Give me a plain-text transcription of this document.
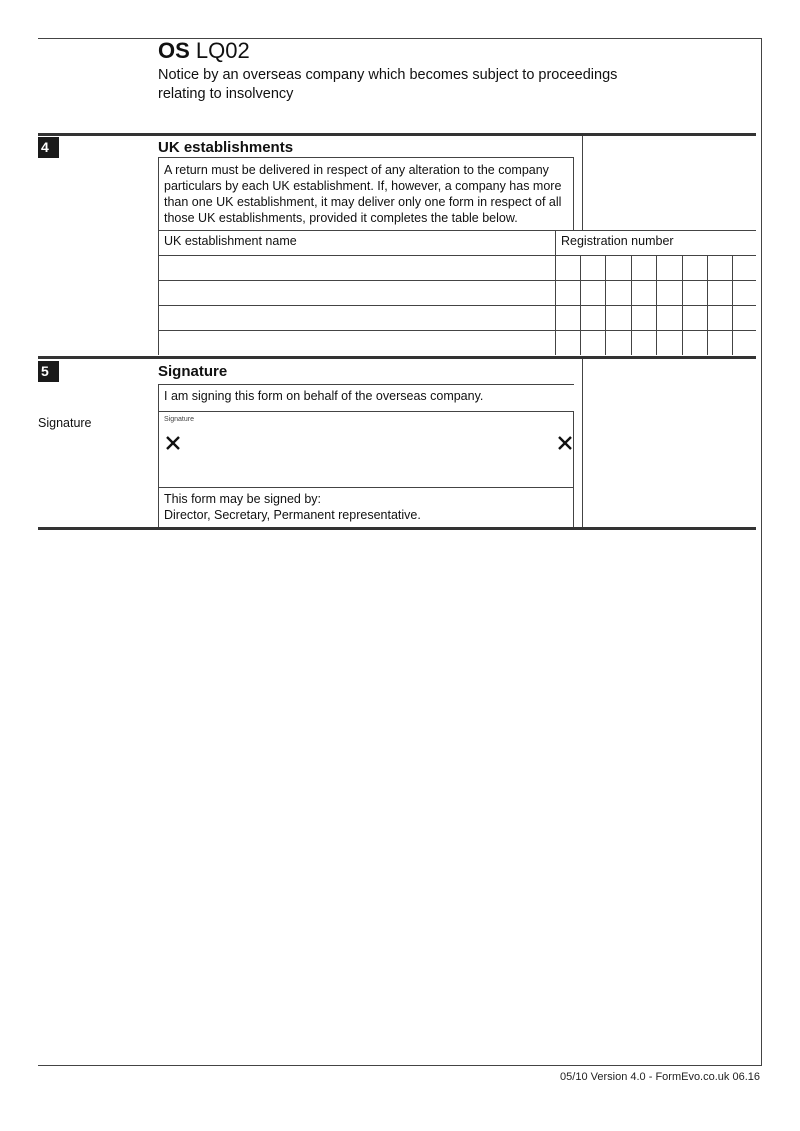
OS LQ02
Notice by an overseas company which becomes subject to proceedings relating to insolvency
4	UK establishments
A return must be delivered in respect of any alteration to the company particulars by each UK establishment. If, however, a company has more than one UK establishment, it may deliver only one form in respect of all those UK establishments, provided it completes the table below.
UK establishment name	Registration number
5	Signature
I am signing this form on behalf of the overseas company.
Signature	Signature
This form may be signed by:
Director, Secretary, Permanent representative.
05/10 Version 4.0 - FormEvo.co.uk 06.16
